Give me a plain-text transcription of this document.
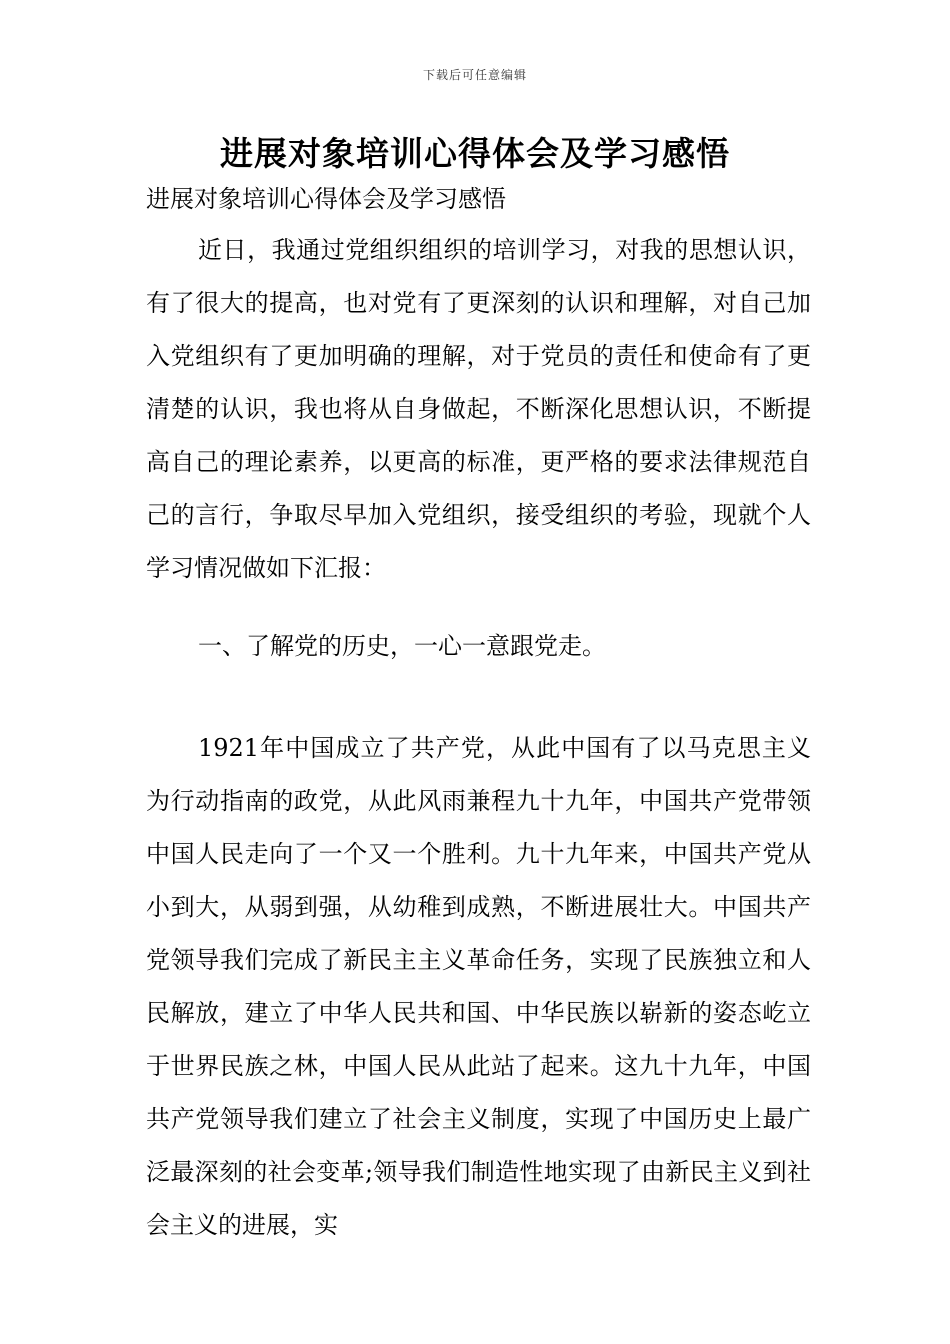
下载后可任意编辑
进展对象培训心得体会及学习感悟
进展对象培训心得体会及学习感悟

近日，我通过党组织组织的培训学习，对我的思想认识，有了很大的提高，也对党有了更深刻的认识和理解，对自己加入党组织有了更加明确的理解，对于党员的责任和使命有了更清楚的认识，我也将从自身做起，不断深化思想认识，不断提高自己的理论素养，以更高的标准，更严格的要求法律规范自己的言行，争取尽早加入党组织，接受组织的考验，现就个人学习情况做如下汇报：

一、了解党的历史，一心一意跟党走。

1921年中国成立了共产党，从此中国有了以马克思主义为行动指南的政党，从此风雨兼程九十九年，中国共产党带领中国人民走向了一个又一个胜利。九十九年来，中国共产党从小到大，从弱到强，从幼稚到成熟，不断进展壮大。中国共产党领导我们完成了新民主主义革命任务，实现了民族独立和人民解放，建立了中华人民共和国、中华民族以崭新的姿态屹立于世界民族之林，中国人民从此站了起来。这九十九年，中国共产党领导我们建立了社会主义制度，实现了中国历史上最广泛最深刻的社会变革;领导我们制造性地实现了由新民主义到社会主义的进展，实
